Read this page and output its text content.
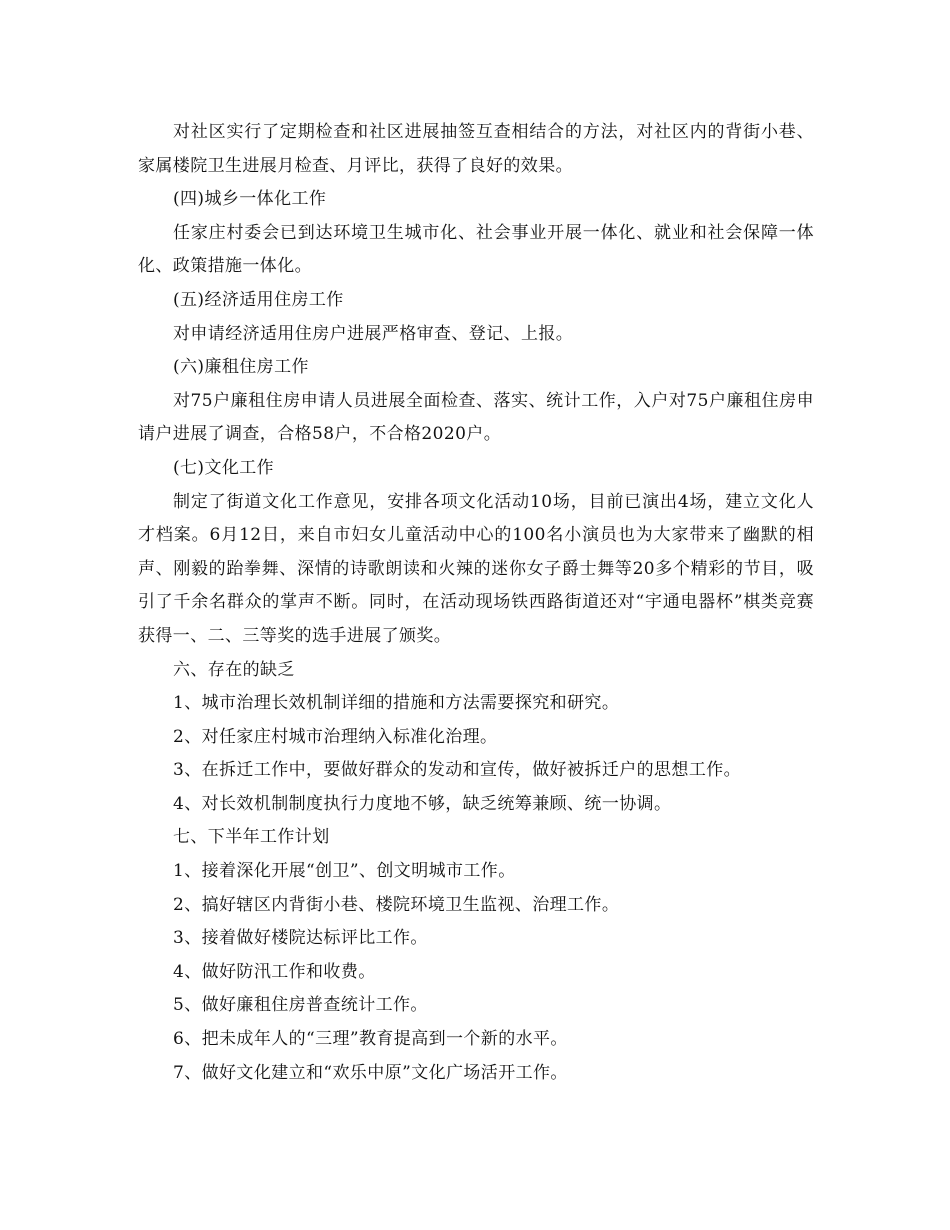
对社区实行了定期检查和社区进展抽签互查相结合的方法，对社区内的背街小巷、家属楼院卫生进展月检查、月评比，获得了良好的效果。

(四)城乡一体化工作

任家庄村委会已到达环境卫生城市化、社会事业开展一体化、就业和社会保障一体化、政策措施一体化。

(五)经济适用住房工作

对申请经济适用住房户进展严格审查、登记、上报。

(六)廉租住房工作

对75户廉租住房申请人员进展全面检查、落实、统计工作，入户对75户廉租住房申请户进展了调查，合格58户，不合格2020户。

(七)文化工作

制定了街道文化工作意见，安排各项文化活动10场，目前已演出4场，建立文化人才档案。6月12日，来自市妇女儿童活动中心的100名小演员也为大家带来了幽默的相声、刚毅的跆拳舞、深情的诗歌朗读和火辣的迷你女子爵士舞等20多个精彩的节目，吸引了千余名群众的掌声不断。同时，在活动现场铁西路街道还对“宇通电器杯”棋类竞赛获得一、二、三等奖的选手进展了颁奖。

六、存在的缺乏

1、城市治理长效机制详细的措施和方法需要探究和研究。

2、对任家庄村城市治理纳入标准化治理。

3、在拆迁工作中，要做好群众的发动和宣传，做好被拆迁户的思想工作。

4、对长效机制制度执行力度地不够，缺乏统筹兼顾、统一协调。

七、下半年工作计划

1、接着深化开展“创卫”、创文明城市工作。

2、搞好辖区内背街小巷、楼院环境卫生监视、治理工作。

3、接着做好楼院达标评比工作。

4、做好防汛工作和收费。

5、做好廉租住房普查统计工作。

6、把未成年人的“三理”教育提高到一个新的水平。

7、做好文化建立和“欢乐中原”文化广场活开工作。
